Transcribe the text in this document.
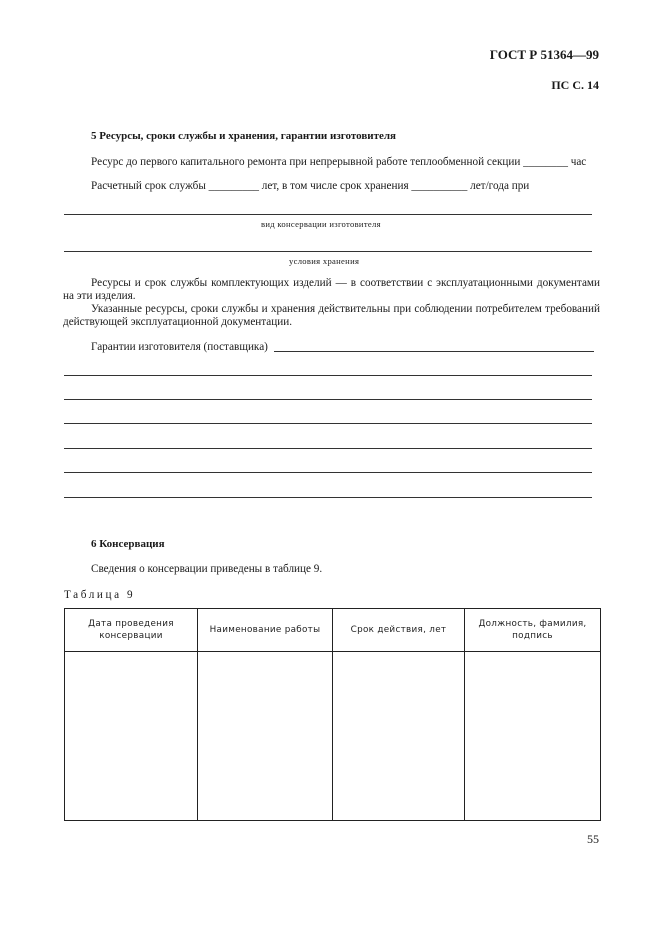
ГОСТ Р 51364—99
ПС С. 14
5 Ресурсы, сроки службы и хранения, гарантии изготовителя
Ресурс до первого капитального ремонта при непрерывной работе теплообменной секции ________ час
Расчетный срок службы _________ лет, в том числе срок хранения __________ лет/года при
вид консервации изготовителя
условия хранения
Ресурсы и срок службы комплектующих изделий — в соответствии с эксплуатационными документами на эти изделия.
Указанные ресурсы, сроки службы и хранения действительны при соблюдении потребителем требований действующей эксплуатационной документации.
Гарантии изготовителя (поставщика)
6 Консервация
Сведения о консервации приведены в таблице 9.
Таблица 9
Дата проведения
консервации	Наименование работы	Срок действия, лет	Должность, фамилия,
подпись

55
